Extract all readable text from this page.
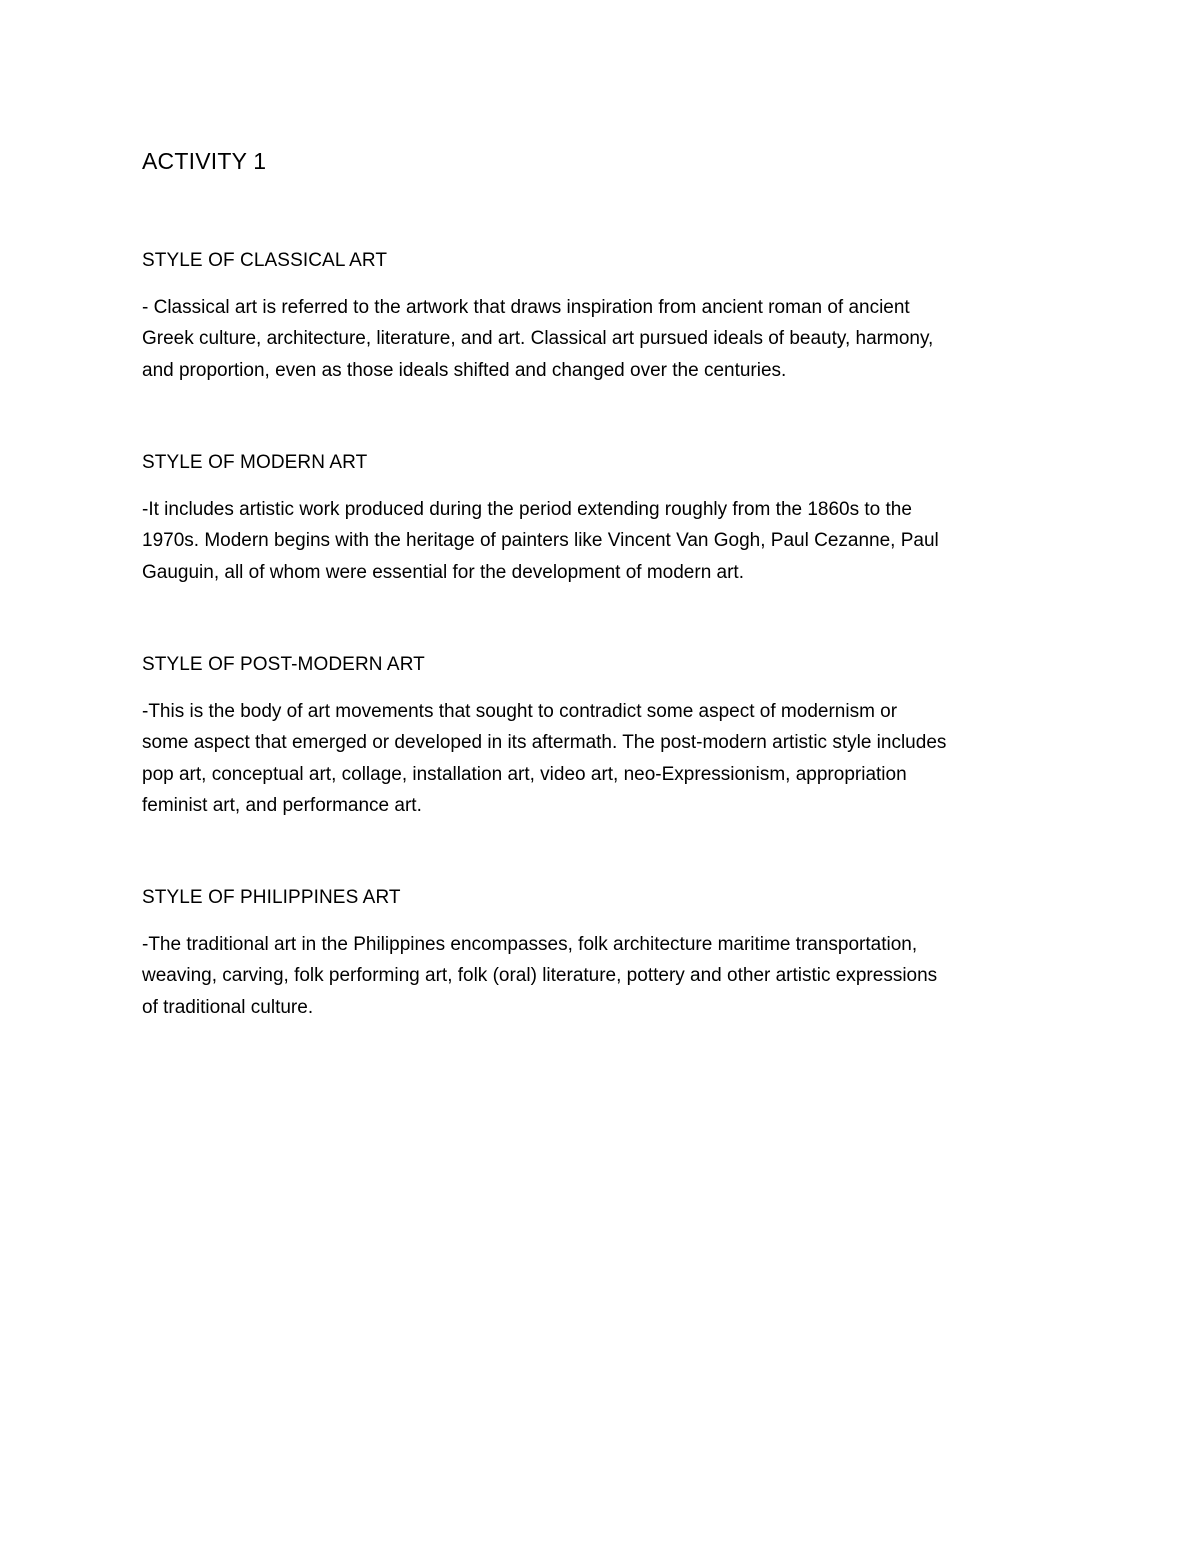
ACTIVITY 1
STYLE OF CLASSICAL ART
- Classical art is referred to the artwork that draws inspiration from ancient roman of ancient
Greek culture, architecture, literature, and art. Classical art pursued ideals of beauty, harmony,
and proportion, even as those ideals shifted and changed over the centuries.
STYLE OF MODERN ART
-It includes artistic work produced during the period extending roughly from the 1860s to the
1970s. Modern begins with the heritage of painters like Vincent Van Gogh, Paul Cezanne, Paul
Gauguin, all of whom were essential for the development of modern art.
STYLE OF POST-MODERN ART
-This is the body of art movements that sought to contradict some aspect of modernism or
some aspect that emerged or developed in its aftermath. The post-modern artistic style includes
pop art, conceptual art, collage, installation art, video art, neo-Expressionism, appropriation
feminist art, and performance art.
STYLE OF PHILIPPINES ART
-The traditional art in the Philippines encompasses, folk architecture maritime transportation,
weaving, carving, folk performing art, folk (oral) literature, pottery and other artistic expressions
of traditional culture.
